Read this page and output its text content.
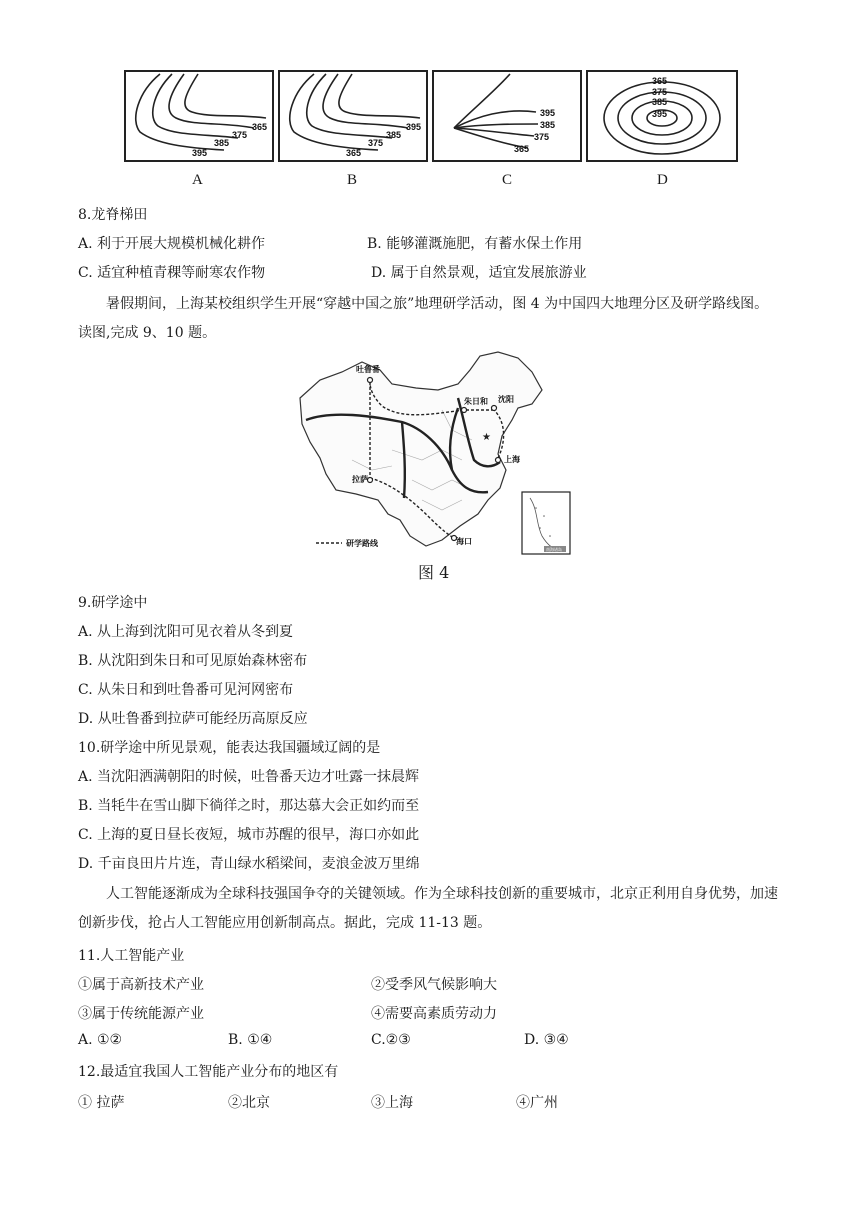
365
375
385
395
395
385
375
365
395
385
375
365
365
375
385
395
A	B	C	D
8.龙脊梯田
A. 利于开展大规模机械化耕作	B. 能够灌溉施肥，有蓄水保土作用
C. 适宜种植青稞等耐寒农作物	D. 属于自然景观，适宜发展旅游业
暑假期间，上海某校组织学生开展“穿越中国之旅”地理研学活动，图 4 为中国四大地理分区及研学路线图。读图,完成 9、10 题。
★
吐鲁番
朱日和 沈阳
拉萨
上海
海口
研学路线
南海诸岛
图 4
9.研学途中
A. 从上海到沈阳可见衣着从冬到夏
B. 从沈阳到朱日和可见原始森林密布
C. 从朱日和到吐鲁番可见河网密布
D. 从吐鲁番到拉萨可能经历高原反应
10.研学途中所见景观，能表达我国疆域辽阔的是
A. 当沈阳洒满朝阳的时候，吐鲁番天边才吐露一抹晨辉
B. 当牦牛在雪山脚下徜徉之时，那达慕大会正如约而至
C. 上海的夏日昼长夜短，城市苏醒的很早，海口亦如此
D. 千亩良田片片连，青山绿水稻梁间，麦浪金波万里绵
人工智能逐渐成为全球科技强国争夺的关键领域。作为全球科技创新的重要城市，北京正利用自身优势，加速创新步伐，抢占人工智能应用创新制高点。据此，完成 11-13 题。
11.人工智能产业
①属于高新技术产业	②受季风气候影响大
③属于传统能源产业	④需要高素质劳动力
A. ①②	B. ①④	C.②③	D. ③④
12.最适宜我国人工智能产业分布的地区有
① 拉萨	②北京	③上海	④广州
